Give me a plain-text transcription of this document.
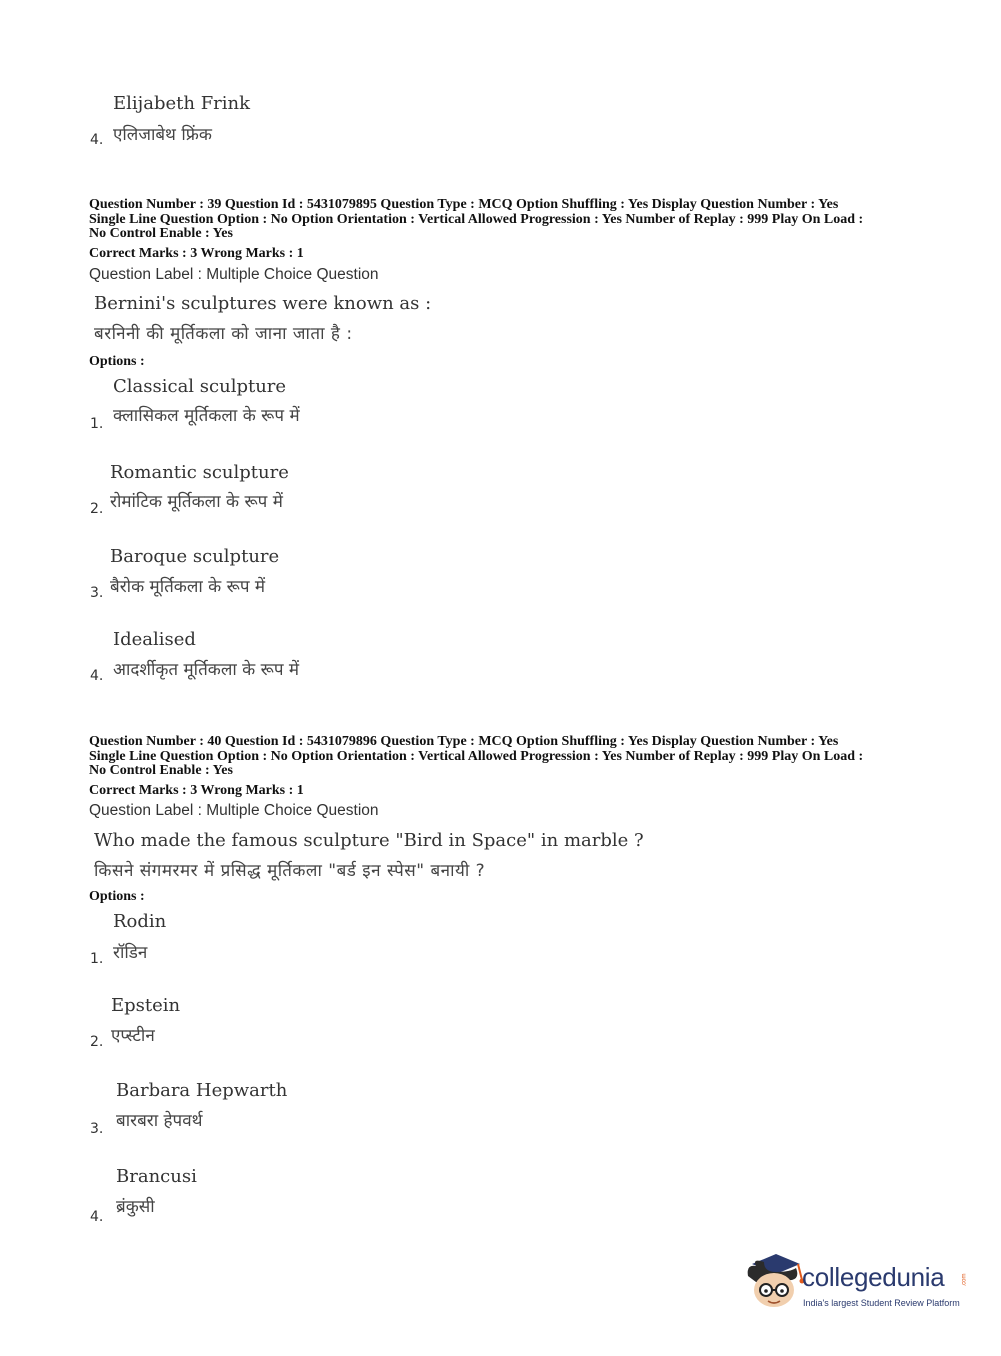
Elijabeth Frink
एलिजाबेथ फ्रिंक
4.
Question Number : 39 Question Id : 5431079895 Question Type : MCQ Option Shuffling : Yes Display Question Number : Yes
Single Line Question Option : No Option Orientation : Vertical Allowed Progression : Yes Number of Replay : 999 Play On Load :
No Control Enable : Yes
Correct Marks : 3 Wrong Marks : 1
Question Label : Multiple Choice Question
Bernini's sculptures were known as :
बरनिनी की मूर्तिकला को जाना जाता है :
Options :
Classical sculpture
क्लासिकल मूर्तिकला के रूप में
1.
Romantic sculpture
रोमांटिक मूर्तिकला के रूप में
2.
Baroque sculpture
बैरोक मूर्तिकला के रूप में
3.
Idealised
आदर्शीकृत मूर्तिकला के रूप में
4.
Question Number : 40 Question Id : 5431079896 Question Type : MCQ Option Shuffling : Yes Display Question Number : Yes
Single Line Question Option : No Option Orientation : Vertical Allowed Progression : Yes Number of Replay : 999 Play On Load :
No Control Enable : Yes
Correct Marks : 3 Wrong Marks : 1
Question Label : Multiple Choice Question
Who made the famous sculpture "Bird in Space" in marble ?
किसने संगमरमर में प्रसिद्ध मूर्तिकला "बर्ड इन स्पेस" बनायी ?
Options :
Rodin
रॉडिन
1.
Epstein
एप्स्टीन
2.
Barbara Hepwarth
बारबरा हेपवर्थ
3.
Brancusi
ब्रंकुसी
4.
collegedunia	.com
India's largest Student Review Platform
